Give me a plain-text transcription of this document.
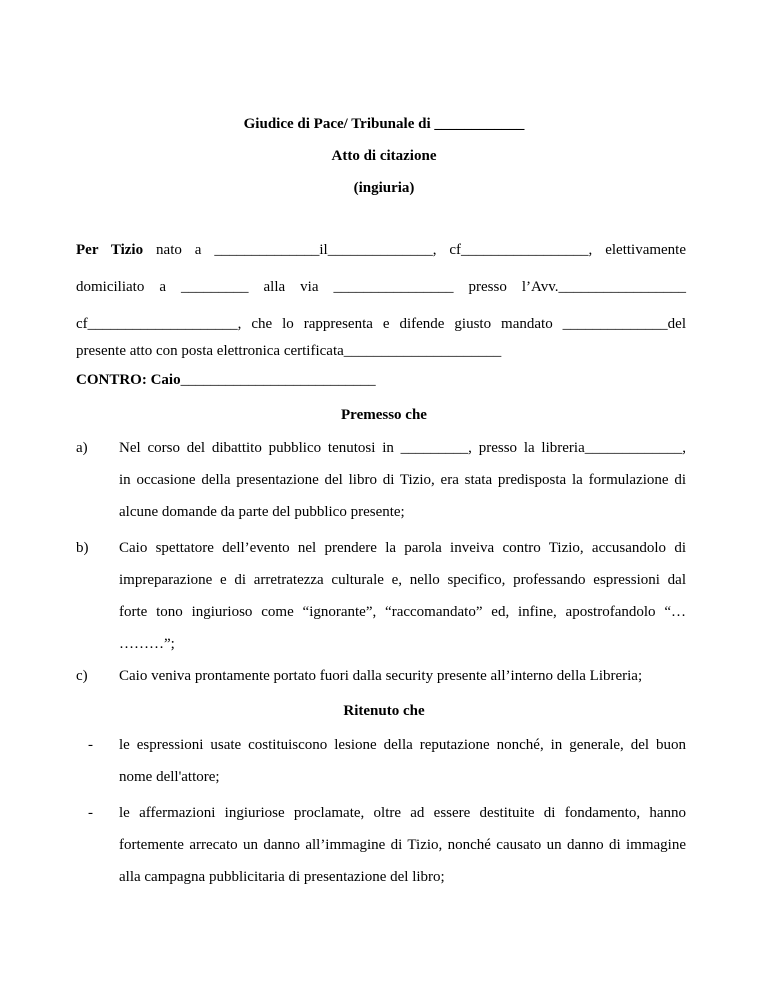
Giudice di Pace/ Tribunale di ____________
Atto di citazione
(ingiuria)
Per Tizio nato a ______________il______________, cf_________________, elettivamente
domiciliato a _________ alla via ________________ presso l’Avv._________________
cf____________________, che lo rappresenta e difende giusto mandato ______________del
presente atto con posta elettronica certificata_____________________
CONTRO: Caio__________________________
Premesso che
a) Nel corso del dibattito pubblico tenutosi in _________, presso la libreria_____________,
in occasione della presentazione del libro di Tizio, era stata predisposta la formulazione di
alcune domande da parte del pubblico presente;
b) Caio spettatore dell’evento nel prendere la parola inveiva contro Tizio, accusandolo di
impreparazione e di arretratezza culturale e, nello specifico, professando espressioni dal
forte tono ingiurioso come “ignorante”, “raccomandato” ed, infine, apostrofandolo “…
………”;
c) Caio veniva prontamente portato fuori dalla security presente all’interno della Libreria;
Ritenuto che
- le espressioni usate costituiscono lesione della reputazione nonché, in generale, del buon
nome dell'attore;
- le affermazioni ingiuriose proclamate, oltre ad essere destituite di fondamento, hanno
fortemente arrecato un danno all’immagine di Tizio, nonché causato un danno di immagine
alla campagna pubblicitaria di presentazione del libro;
